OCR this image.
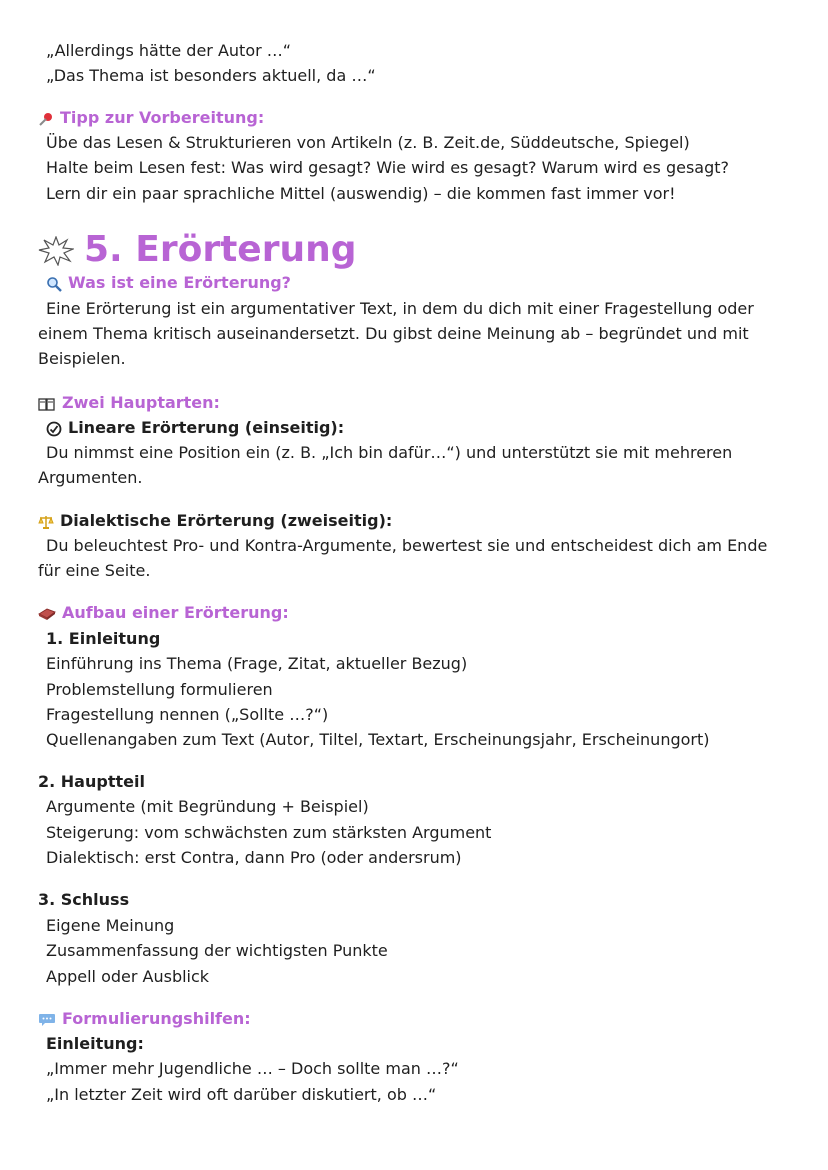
„Allerdings hätte der Autor …“
„Das Thema ist besonders aktuell, da …“
Tipp zur Vorbereitung:
Übe das Lesen & Strukturieren von Artikeln (z. B. Zeit.de, Süddeutsche, Spiegel)
Halte beim Lesen fest: Was wird gesagt? Wie wird es gesagt? Warum wird es gesagt?
Lern dir ein paar sprachliche Mittel (auswendig) – die kommen fast immer vor!
5. Erörterung
Was ist eine Erörterung?
Eine Erörterung ist ein argumentativer Text, in dem du dich mit einer Fragestellung oder
einem Thema kritisch auseinandersetzt. Du gibst deine Meinung ab – begründet und mit
Beispielen.
Zwei Hauptarten:
Lineare Erörterung (einseitig):
Du nimmst eine Position ein (z. B. „Ich bin dafür…“) und unterstützt sie mit mehreren
Argumenten.
Dialektische Erörterung (zweiseitig):
Du beleuchtest Pro- und Kontra-Argumente, bewertest sie und entscheidest dich am Ende
für eine Seite.
Aufbau einer Erörterung:
1. Einleitung
Einführung ins Thema (Frage, Zitat, aktueller Bezug)
Problemstellung formulieren
Fragestellung nennen („Sollte …?“)
Quellenangaben zum Text (Autor, Tiltel, Textart, Erscheinungsjahr, Erscheinungort)
2. Hauptteil
Argumente (mit Begründung + Beispiel)
Steigerung: vom schwächsten zum stärksten Argument
Dialektisch: erst Contra, dann Pro (oder andersrum)
3. Schluss
Eigene Meinung
Zusammenfassung der wichtigsten Punkte
Appell oder Ausblick
Formulierungshilfen:
Einleitung:
„Immer mehr Jugendliche … – Doch sollte man …?“
„In letzter Zeit wird oft darüber diskutiert, ob …“
